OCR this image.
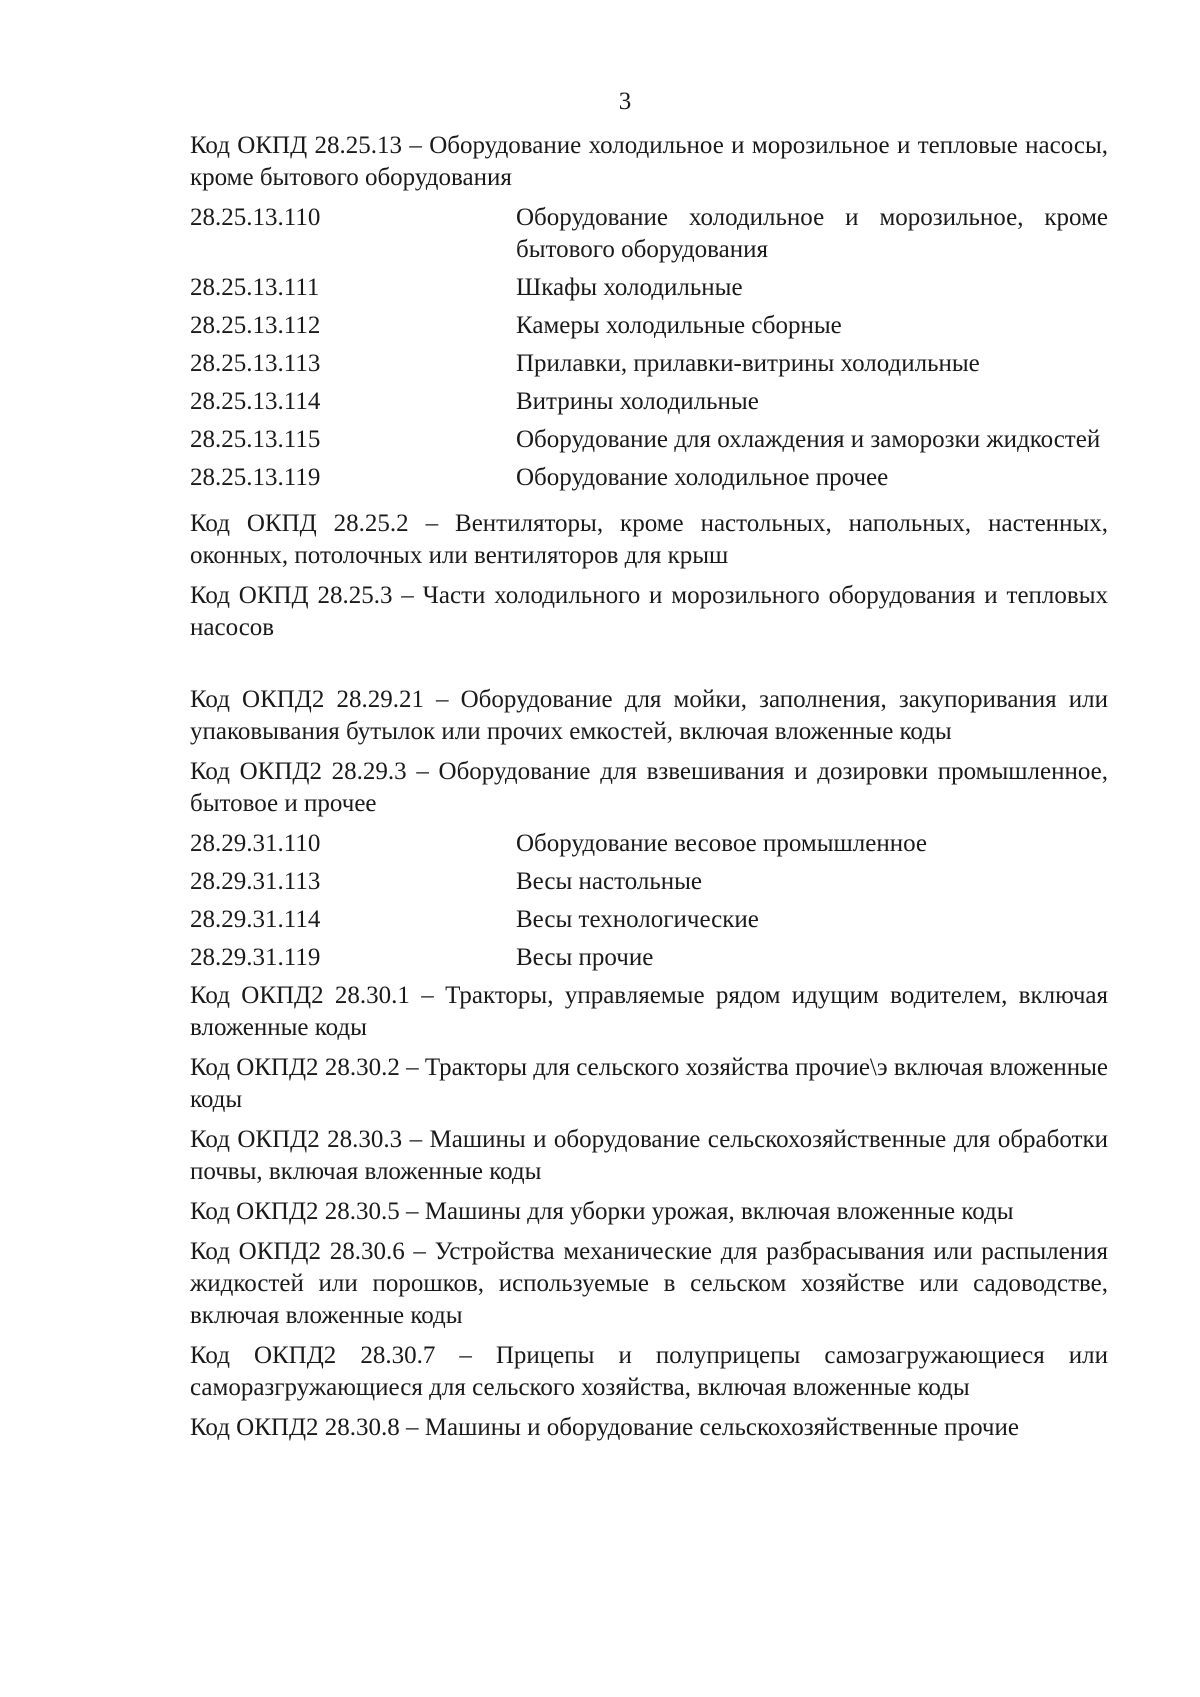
3

Код ОКПД 28.25.13 – Оборудование холодильное и морозильное и тепловые насосы, кроме бытового оборудования

28.25.13.110	Оборудование холодильное и морозильное, кроме бытового оборудования
28.25.13.111	Шкафы холодильные
28.25.13.112	Камеры холодильные сборные
28.25.13.113	Прилавки, прилавки-витрины холодильные
28.25.13.114	Витрины холодильные
28.25.13.115	Оборудование для охлаждения и заморозки жидкостей
28.25.13.119	Оборудование холодильное прочее

Код ОКПД 28.25.2 – Вентиляторы, кроме настольных, напольных, настенных, оконных, потолочных или вентиляторов для крыш

Код ОКПД 28.25.3 – Части холодильного и морозильного оборудования и тепловых насосов

Код ОКПД2 28.29.21 – Оборудование для мойки, заполнения, закупоривания или упаковывания бутылок или прочих емкостей, включая вложенные коды

Код ОКПД2 28.29.3 – Оборудование для взвешивания и дозировки промышленное, бытовое и прочее

28.29.31.110	Оборудование весовое промышленное
28.29.31.113	Весы настольные
28.29.31.114	Весы технологические
28.29.31.119	Весы прочие

Код ОКПД2 28.30.1 – Тракторы, управляемые рядом идущим водителем, включая вложенные коды

Код ОКПД2 28.30.2 – Тракторы для сельского хозяйства прочие\э включая вложенные коды

Код ОКПД2 28.30.3 – Машины и оборудование сельскохозяйственные для обработки почвы, включая вложенные коды

Код ОКПД2 28.30.5 – Машины для уборки урожая, включая вложенные коды

Код ОКПД2 28.30.6 – Устройства механические для разбрасывания или распыления жидкостей или порошков, используемые в сельском хозяйстве или садоводстве, включая вложенные коды

Код ОКПД2 28.30.7 – Прицепы и полуприцепы самозагружающиеся или саморазгружающиеся для сельского хозяйства, включая вложенные коды

Код ОКПД2 28.30.8 – Машины и оборудование сельскохозяйственные прочие
